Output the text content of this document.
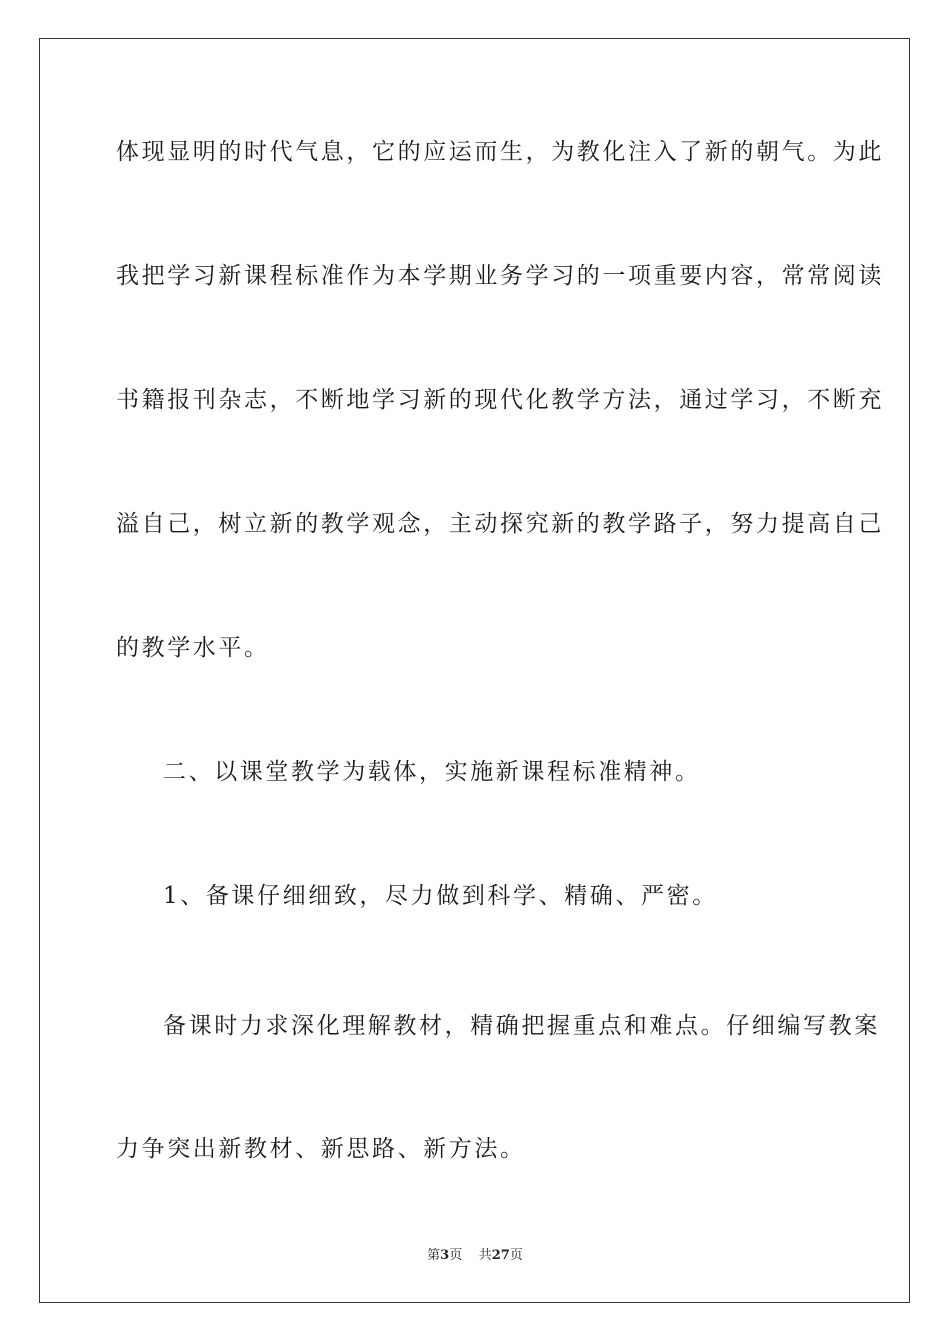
体现显明的时代气息，它的应运而生，为教化注入了新的朝气。为此
我把学习新课程标准作为本学期业务学习的一项重要内容，常常阅读
书籍报刊杂志，不断地学习新的现代化教学方法，通过学习，不断充
溢自己，树立新的教学观念，主动探究新的教学路子，努力提高自己
的教学水平。
二、以课堂教学为载体，实施新课程标准精神。
1、备课仔细细致，尽力做到科学、精确、严密。
备课时力求深化理解教材，精确把握重点和难点。仔细编写教案
力争突出新教材、新思路、新方法。
第3页 共27页
